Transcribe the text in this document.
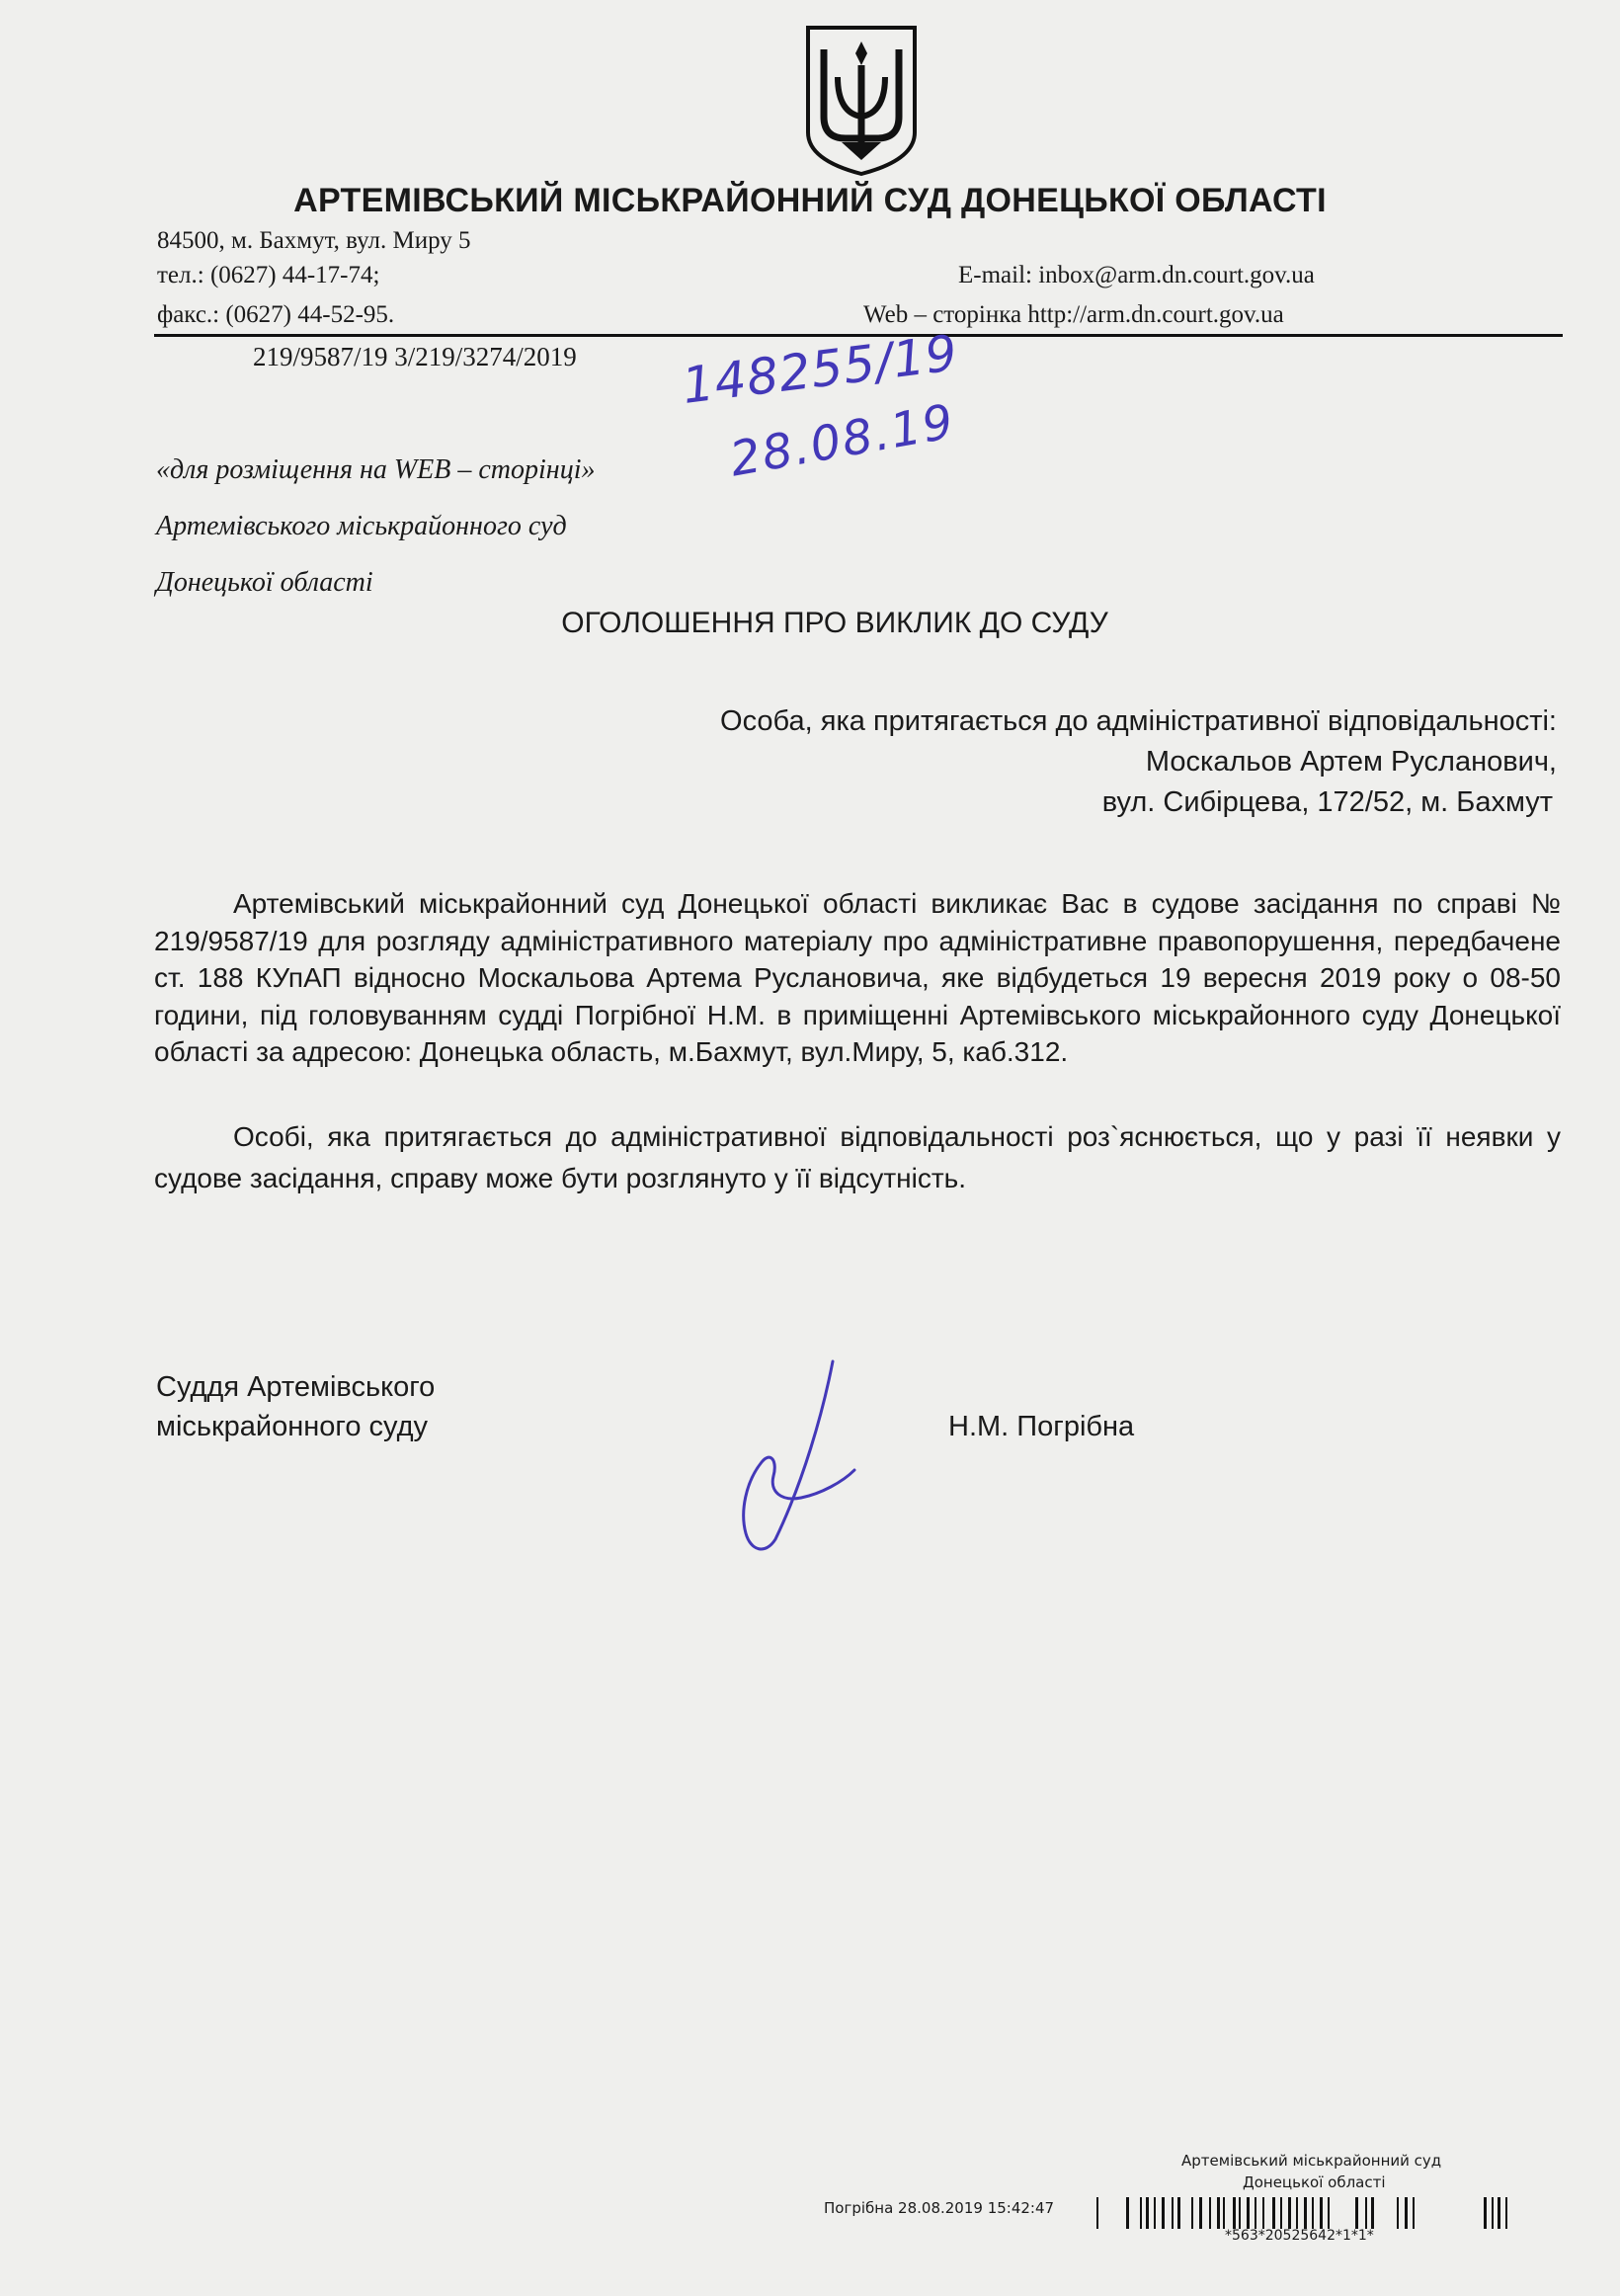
АРТЕМІВСЬКИЙ МІСЬКРАЙОННИЙ СУД ДОНЕЦЬКОЇ ОБЛАСТІ
84500, м. Бахмут, вул. Миру 5
тел.: (0627) 44-17-74;
факс.: (0627) 44-52-95.
E-mail: inbox@arm.dn.court.gov.ua
Web – сторінка http://arm.dn.court.gov.ua
219/9587/19 3/219/3274/2019 148255/19
28.08.19
«для розміщення на WEB – сторінці»
Артемівського міськрайонного суд
Донецької області
ОГОЛОШЕННЯ ПРО ВИКЛИК ДО СУДУ
Особа, яка притягається до адміністративної відповідальності:
Москальов Артем Русланович,
вул. Сибірцева, 172/52, м. Бахмут

Артемівський міськрайонний суд Донецької області викликає Вас в судове засідання по справі № 219/9587/19 для розгляду адміністративного матеріалу про адміністративне правопорушення, передбачене ст. 188 КУпАП відносно Москальова Артема Руслановича, яке відбудеться 19 вересня 2019 року о 08-50 години, під головуванням судді Погрібної Н.М. в приміщенні Артемівського міськрайонного суду Донецької області за адресою: Донецька область, м.Бахмут, вул.Миру, 5, каб.312.

Особі, яка притягається до адміністративної відповідальності роз`яснюється, що у разі її неявки у судове засідання, справу може бути розглянуто у її відсутність.

Суддя Артемівського
міськрайонного суду	Н.М. Погрібна
Артемівський міськрайонний суд
Донецької області
Погрібна 28.08.2019 15:42:47
*563*20525642*1*1*
